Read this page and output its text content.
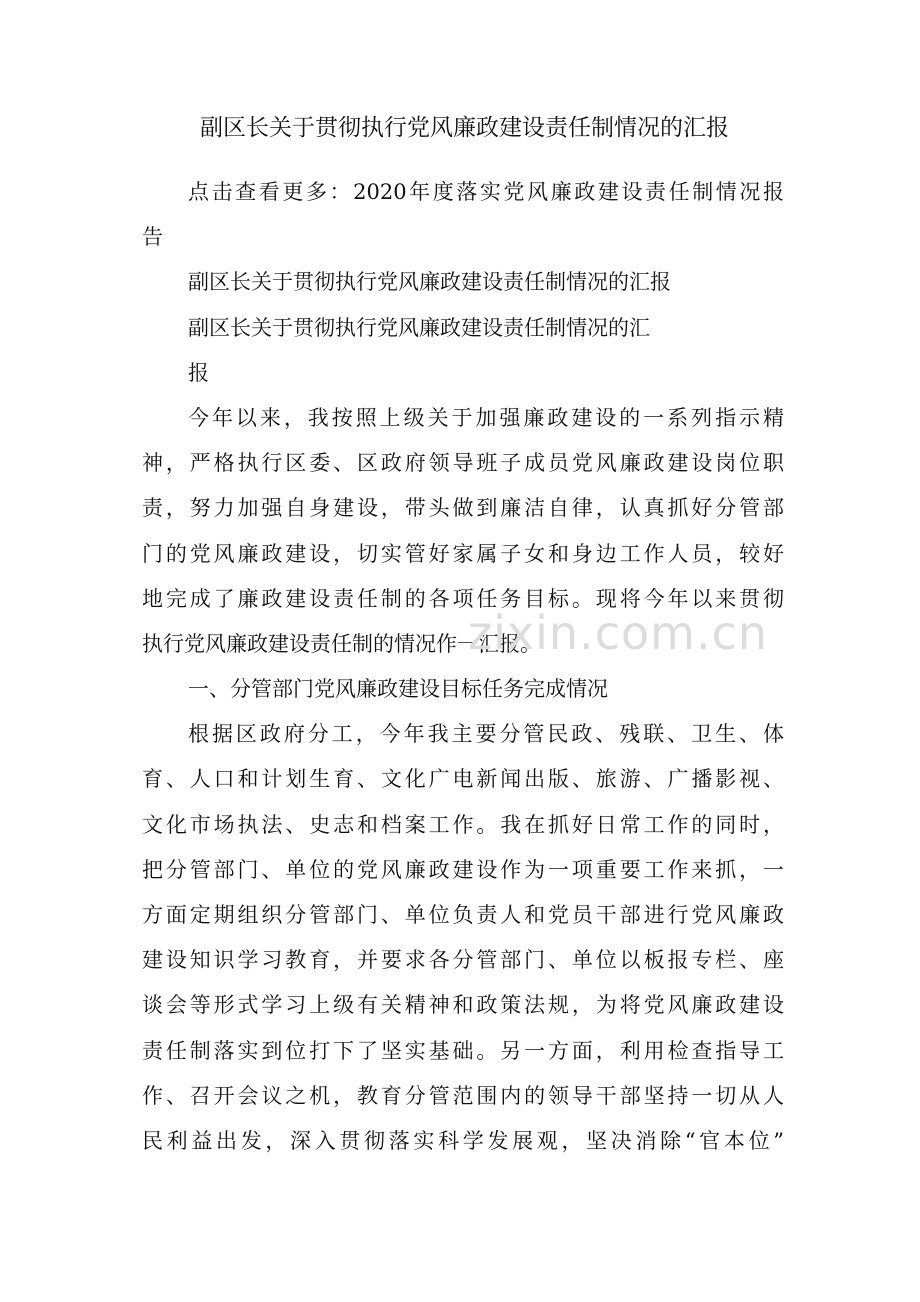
副区长关于贯彻执行党风廉政建设责任制情况的汇报
点击查看更多：2020年度落实党风廉政建设责任制情况报
告
副区长关于贯彻执行党风廉政建设责任制情况的汇报
副区长关于贯彻执行党风廉政建设责任制情况的汇
报
今年以来，我按照上级关于加强廉政建设的一系列指示精
神，严格执行区委、区政府领导班子成员党风廉政建设岗位职
责，努力加强自身建设，带头做到廉洁自律，认真抓好分管部
门的党风廉政建设，切实管好家属子女和身边工作人员，较好
地完成了廉政建设责任制的各项任务目标。现将今年以来贯彻
执行党风廉政建设责任制的情况作一汇报。
一、分管部门党风廉政建设目标任务完成情况
根据区政府分工，今年我主要分管民政、残联、卫生、体
育、人口和计划生育、文化广电新闻出版、旅游、广播影视、
文化市场执法、史志和档案工作。我在抓好日常工作的同时，
把分管部门、单位的党风廉政建设作为一项重要工作来抓，一
方面定期组织分管部门、单位负责人和党员干部进行党风廉政
建设知识学习教育，并要求各分管部门、单位以板报专栏、座
谈会等形式学习上级有关精神和政策法规，为将党风廉政建设
责任制落实到位打下了坚实基础。另一方面，利用检查指导工
作、召开会议之机，教育分管范围内的领导干部坚持一切从人
民利益出发，深入贯彻落实科学发展观，坚决消除“官本位”
zixin.com.cn
